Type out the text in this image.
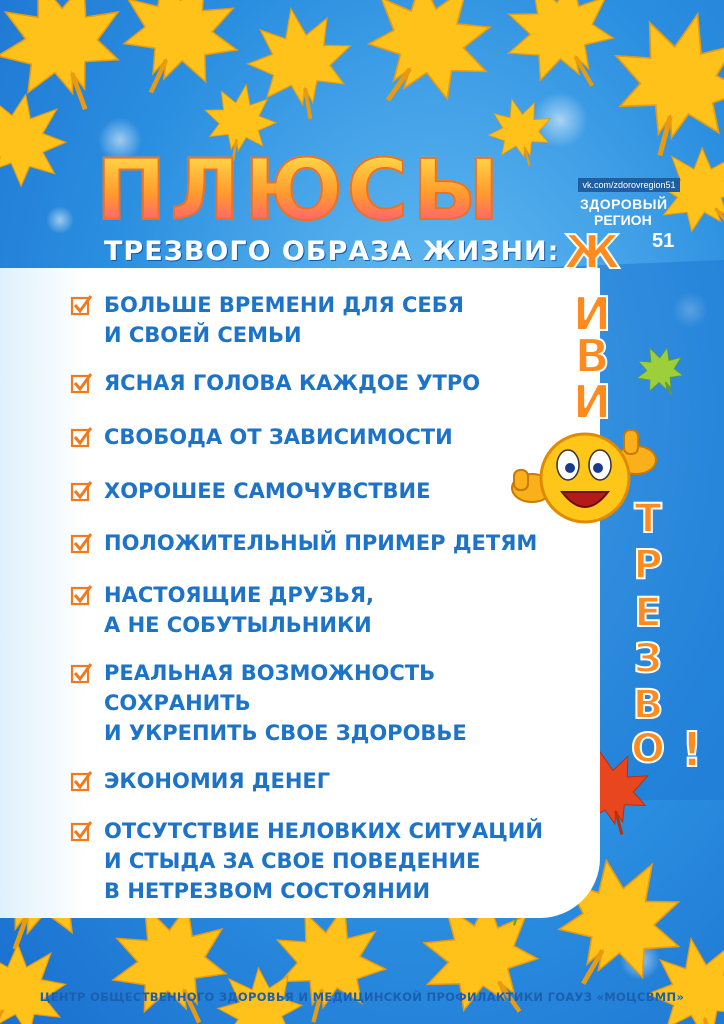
ПЛЮСЫ
ТРЕЗВОГО ОБРАЗА ЖИЗНИ:
vk.com/zdorovregion51
ЗДОРОВЫЙ
РЕГИОН
51
БОЛЬШЕ ВРЕМЕНИ ДЛЯ СЕБЯ
И СВОЕЙ СЕМЬИ
ЯСНАЯ ГОЛОВА КАЖДОЕ УТРО
СВОБОДА ОТ ЗАВИСИМОСТИ
ХОРОШЕЕ САМОЧУВСТВИЕ
ПОЛОЖИТЕЛЬНЫЙ ПРИМЕР ДЕТЯМ
НАСТОЯЩИЕ ДРУЗЬЯ,
А НЕ СОБУТЫЛЬНИКИ
РЕАЛЬНАЯ ВОЗМОЖНОСТЬ СОХРАНИТЬ
И УКРЕПИТЬ СВОЕ ЗДОРОВЬЕ
ЭКОНОМИЯ ДЕНЕГ
ОТСУТСТВИЕ НЕЛОВКИХ СИТУАЦИЙ
И СТЫДА ЗА СВОЕ ПОВЕДЕНИЕ
В НЕТРЕЗВОМ СОСТОЯНИИ
Ж
И
В
И
Т
Р
Е
З
В
О !

ЦЕНТР ОБЩЕСТВЕННОГО ЗДОРОВЬЯ И МЕДИЦИНСКОЙ ПРОФИЛАКТИКИ ГОАУЗ «МОЦСВМП»
